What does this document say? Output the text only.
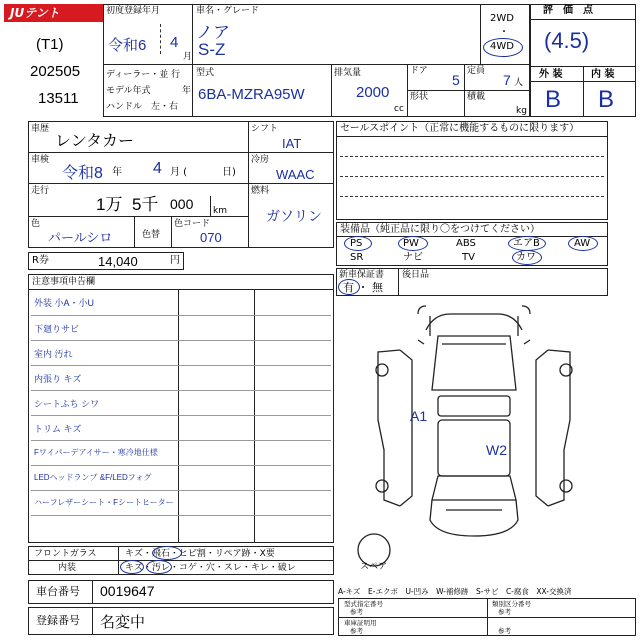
JUテント
(T1)
202505
13511
初度登録年月
令和6 4
月
車名・グレード
ノア
S-Z
2WD
・
4WD
評　価　点
(4.5)
外 装	内 装
B B
ディーラー・並 行
モデル年式	年
ハンドル　左・右
型式
6BA-MZRA95W
排気量
2000
cc
ドア
5
定員
7 人
形状	積載
kg
車歴
レンタカー
車検
令和8 年 4 月 (	日)
走行
1万 5千 000 km
色
パールシロ	色替
色コード
070
シフト
IAT
冷房
WAAC
燃料
ガソリン
R券	14,040	円
セールスポイント（正常に機能するものに限ります）
装備品（純正品に限り〇をつけてください）
PS	PW	ABS	エアB	AW
SR	ナビ	TV	カワ
新車保証書
有 ・ 無
後日品
注意事項申告欄
外装 小A・小U
下廻りサビ
室内 汚れ
内張り キズ
シートふち シワ
トリム キズ
Fワイパーデアイサー・寒冷地仕様
LEDヘッドランプ &F/LEDフォグ
ハーフレザーシート・Fシートヒーター
A1
W2
スペア
フロントガラス	キズ・飛石・ヒビ割・リペア跡・X要
内装	キズ・汚レ・コゲ・穴・スレ・キレ・破レ
車台番号 0019647
登録番号 名変中
A-キズ　E-エクボ　U-凹み　W-補修跡　S-サビ　C-腐食　XX-交換済
型式指定番号
参考
類別区分番号
参考
車庫証明用
参考	参考
